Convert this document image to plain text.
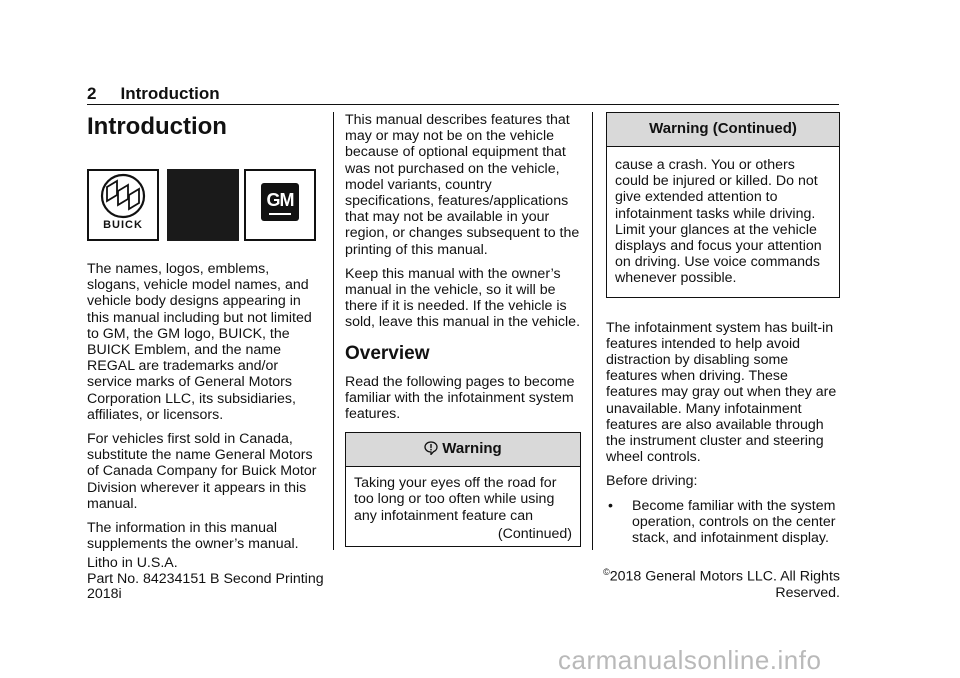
2 Introduction
Introduction
BUICK
GM

The names, logos, emblems, slogans, vehicle model names, and vehicle body designs appearing in this manual including but not limited to GM, the GM logo, BUICK, the BUICK Emblem, and the name REGAL are trademarks and/or service marks of General Motors Corporation LLC, its subsidiaries, affiliates, or licensors.

For vehicles first sold in Canada, substitute the name General Motors of Canada Company for Buick Motor Division wherever it appears in this manual.

The information in this manual supplements the owner’s manual.

This manual describes features that may or may not be on the vehicle because of optional equipment that was not purchased on the vehicle, model variants, country specifications, features/applications that may not be available in your region, or changes subsequent to the printing of this manual.

Keep this manual with the owner’s manual in the vehicle, so it will be there if it is needed. If the vehicle is sold, leave this manual in the vehicle.

Overview

Read the following pages to become familiar with the infotainment system features.

Warning

Taking your eyes off the road for too long or too often while using any infotainment feature can

(Continued)
Warning (Continued)

cause a crash. You or others could be injured or killed. Do not give extended attention to infotainment tasks while driving. Limit your glances at the vehicle displays and focus your attention on driving. Use voice commands whenever possible.

The infotainment system has built-in features intended to help avoid distraction by disabling some features when driving. These features may gray out when they are unavailable. Many infotainment features are also available through the instrument cluster and steering wheel controls.

Before driving:

•	Become familiar with the system operation, controls on the center stack, and infotainment display.
Litho in U.S.A.
Part No. 84234151 B Second Printing
2018i
©2018 General Motors LLC. All Rights Reserved.
carmanualsonline.info
